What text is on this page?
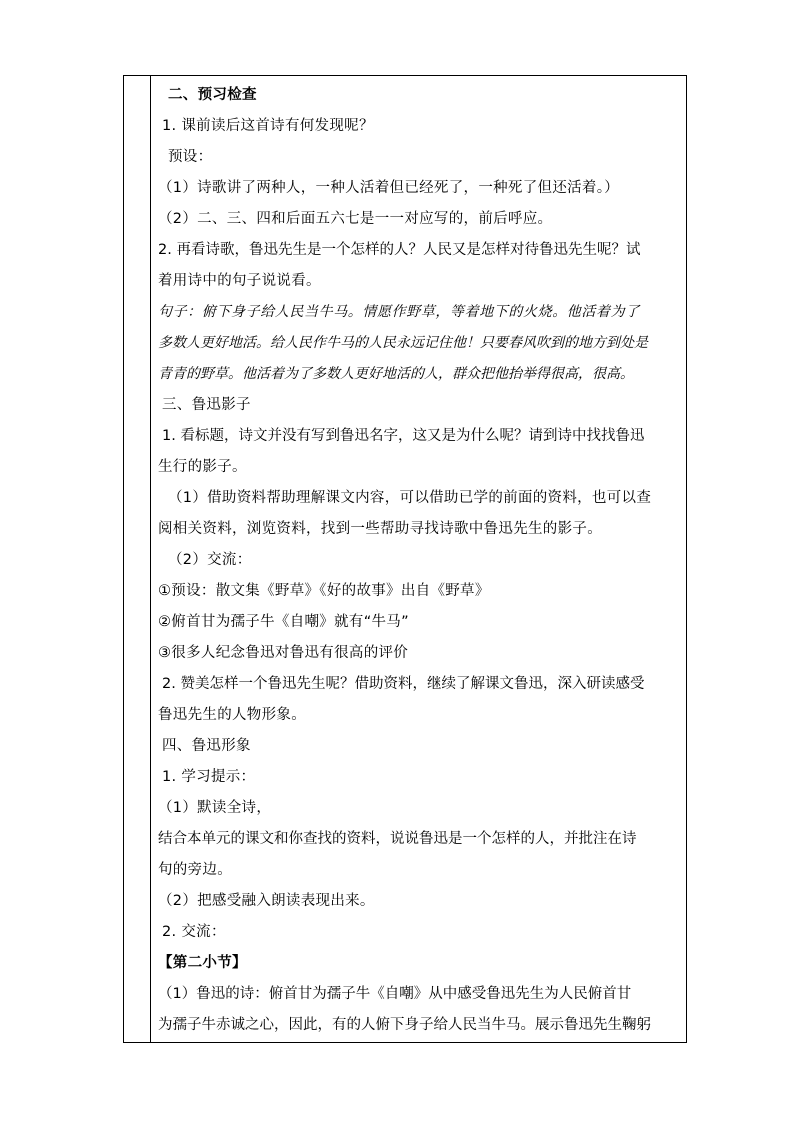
二、预习检查
1. 课前读后这首诗有何发现呢？
预设：
（1）诗歌讲了两种人，一种人活着但已经死了，一种死了但还活着。）
（2）二、三、四和后面五六七是一一对应写的，前后呼应。
2. 再看诗歌，鲁迅先生是一个怎样的人？人民又是怎样对待鲁迅先生呢？试
着用诗中的句子说说看。
句子：俯下身子给人民当牛马。情愿作野草，等着地下的火烧。他活着为了
多数人更好地活。给人民作牛马的人民永远记住他！只要春风吹到的地方到处是
青青的野草。他活着为了多数人更好地活的人，群众把他抬举得很高，很高。
三、鲁迅影子
1. 看标题，诗文并没有写到鲁迅名字，这又是为什么呢？请到诗中找找鲁迅
生行的影子。
（1）借助资料帮助理解课文内容，可以借助已学的前面的资料，也可以查
阅相关资料，浏览资料，找到一些帮助寻找诗歌中鲁迅先生的影子。
（2）交流：
①预设：散文集《野草》《好的故事》出自《野草》
②俯首甘为孺子牛《自嘲》就有“牛马”
③很多人纪念鲁迅对鲁迅有很高的评价
2. 赞美怎样一个鲁迅先生呢？借助资料，继续了解课文鲁迅，深入研读感受
鲁迅先生的人物形象。
四、鲁迅形象
1. 学习提示：
（1）默读全诗，
结合本单元的课文和你查找的资料，说说鲁迅是一个怎样的人，并批注在诗
句的旁边。
（2）把感受融入朗读表现出来。
2. 交流：
【第二小节】
（1）鲁迅的诗：俯首甘为孺子牛《自嘲》从中感受鲁迅先生为人民俯首甘
为孺子牛赤诚之心，因此，有的人俯下身子给人民当牛马。展示鲁迅先生鞠躬
